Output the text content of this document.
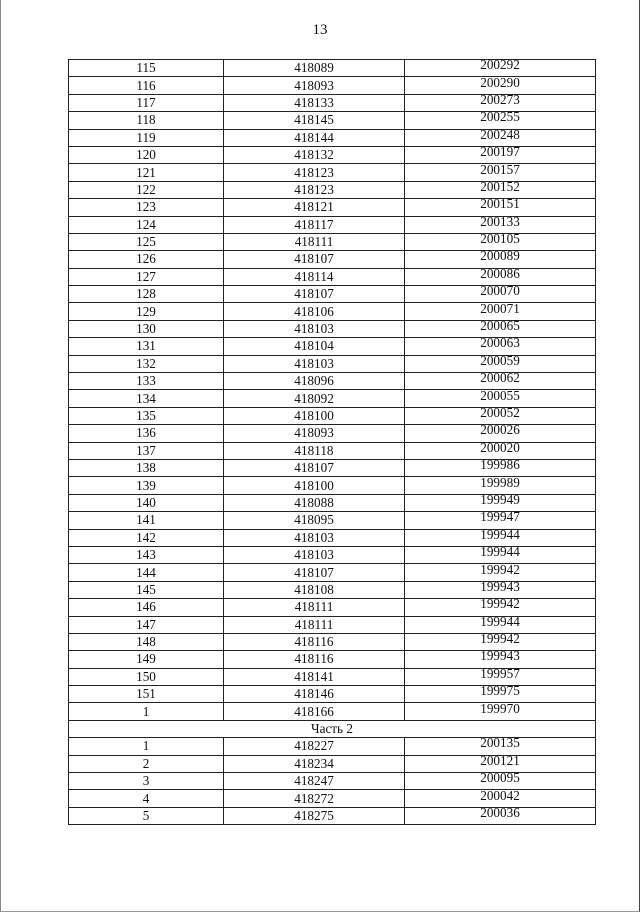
13
115	418089	200292
116	418093	200290
117	418133	200273
118	418145	200255
119	418144	200248
120	418132	200197
121	418123	200157
122	418123	200152
123	418121	200151
124	418117	200133
125	418111	200105
126	418107	200089
127	418114	200086
128	418107	200070
129	418106	200071
130	418103	200065
131	418104	200063
132	418103	200059
133	418096	200062
134	418092	200055
135	418100	200052
136	418093	200026
137	418118	200020
138	418107	199986
139	418100	199989
140	418088	199949
141	418095	199947
142	418103	199944
143	418103	199944
144	418107	199942
145	418108	199943
146	418111	199942
147	418111	199944
148	418116	199942
149	418116	199943
150	418141	199957
151	418146	199975
1	418166	199970
Часть 2		
1	418227	200135
2	418234	200121
3	418247	200095
4	418272	200042
5	418275	200036
